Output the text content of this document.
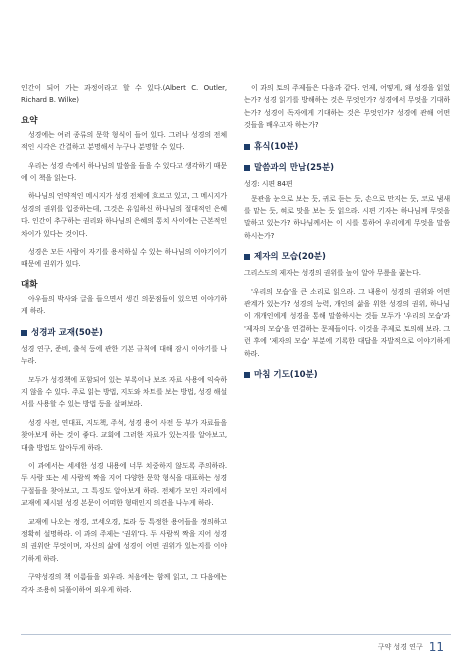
인간이 되어 가는 과정이라고 할 수 있다.(Albert C. Outler, Richard B. Wilke)

요약

성경에는 여러 종류의 문학 형식이 들어 있다. 그러나 성경의 전체적인 시각은 간결하고 분명해서 누구나 분명할 수 있다.

우리는 성경 속에서 하나님의 말씀을 들을 수 있다고 생각하기 때문에 이 책을 읽는다.

하나님의 언약적인 메시지가 성경 전체에 흐르고 있고, 그 메시지가 성경의 권위를 입증하는데, 그것은 유일하신 하나님의 절대적인 은혜다. 인간이 추구하는 권리와 하나님의 은혜의 통치 사이에는 근본적인 차이가 있다는 것이다.

성경은 모든 사람이 자기를 용서하실 수 있는 하나님의 이야기이기 때문에 권위가 있다.

대화

아우들의 박사와 글을 들으면서 생긴 의문점들이 있으면 이야기하게 하라.

성경과 교재(50분)

성경 연구, 준비, 출석 등에 관한 기본 규칙에 대해 잠시 이야기를 나누라.

모두가 성경책에 포함되어 있는 부록이나 보조 자료 사용에 익숙하지 않을 수 있다. 주로 읽는 방법, 지도와 차트를 보는 방법, 성경 해설서를 사용할 수 있는 방법 등을 살펴보라.

성경 사전, 연대표, 지도책, 주석, 성경 용어 사전 등 부가 자료들을 찾아보게 하는 것이 좋다. 교회에 그러한 자료가 있는지를 알아보고, 대출 방법도 알아두게 하라.

이 과에서는 세세한 성경 내용에 너무 치중하지 않도록 주의하라. 두 사람 또는 세 사람씩 짝을 지어 다양한 문학 형식을 대표하는 성경 구절들을 찾아보고, 그 특징도 알아보게 하라. 전체가 모인 자리에서 교재에 제시된 성경 본문이 어떠한 형태인지 의견을 나누게 하라.

교재에 나오는 정경, 코세오경, 토라 등 특정한 용어들을 정의하고 정확히 설명하라. 이 과의 주제는 '권위'다. 두 사람씩 짝을 지어 성경의 권위란 무엇이며, 자신의 삶에 성경이 어떤 권위가 있는지를 이야기하게 하라.

구약성경의 책 이름들을 외우라. 처음에는 함께 읽고, 그 다음에는 각자 조용히 되풀이하여 외우게 하라.

이 과의 토의 주제들은 다음과 같다. 언제, 어떻게, 왜 성경을 읽었는가? 성경 읽기를 방해하는 것은 무엇인가? 성경에서 무엇을 기대하는가? 성경이 독자에게 기대하는 것은 무엇인가? 성경에 관해 어떤 것들을 배우고자 하는가?

휴식(10분)
말씀과의 만남(25분)

성경: 시편 84편

문관을 눈으로 보는 듯, 귀로 듣는 듯, 손으로 만지는 듯, 코로 냄새를 맡는 듯, 혀로 맛을 보는 듯 읽으라. 시편 기자는 하나님께 무엇을 말하고 있는가? 하나님께서는 이 시를 통하여 우리에게 무엇을 말씀하시는가?

제자의 모습(20분)

그리스도의 제자는 성경의 권위를 높이 알아 무릎을 꿇는다.

'우리의 모습'을 큰 소리로 읽으라. 그 내용이 성경의 권위와 어떤 관계가 있는가? 성경의 능력, 개인의 삶을 위한 성경의 권위, 하나님이 개개인에게 성경을 통해 말씀하시는 것들 모두가 '우리의 모습'과 '제자의 모습'을 연결하는 문제들이다. 이것을 주제로 토의해 보라. 그런 후에 '제자의 모습' 부분에 기록한 대답을 자발적으로 이야기하게 하라.

마침 기도(10분)
구약 성경 연구 11
